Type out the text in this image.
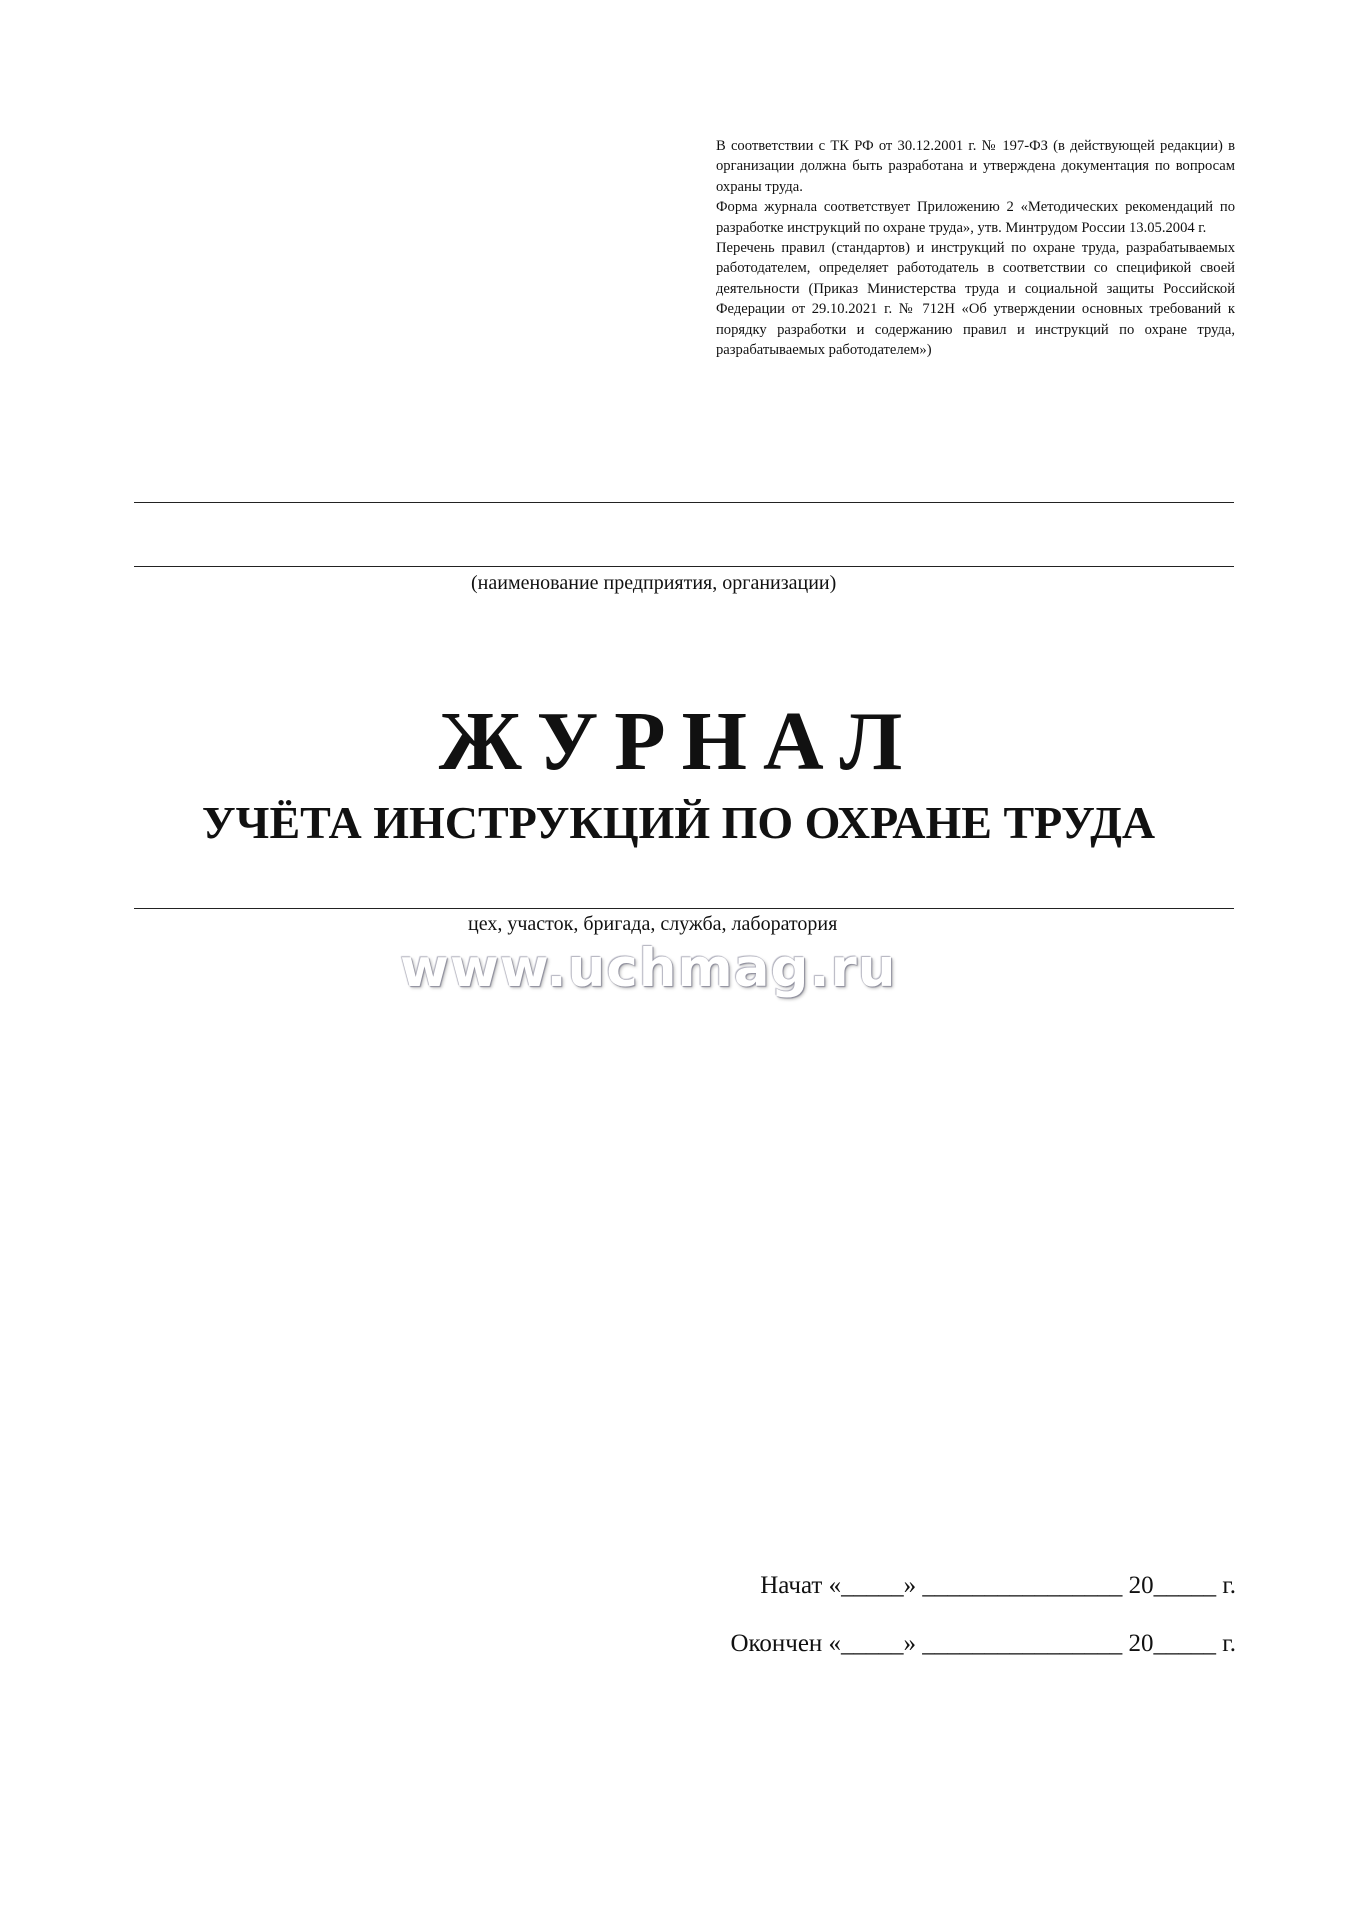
В соответствии с ТК РФ от 30.12.2001 г. № 197-ФЗ (в действующей редакции) в организации должна быть разработана и утверждена документация по вопросам охраны труда.

Форма журнала соответствует Приложению 2 «Методических рекомендаций по разработке инструкций по охране труда», утв. Минтрудом России 13.05.2004 г.

Перечень правил (стандартов) и инструкций по охране труда, разрабатываемых работодателем, определяет работодатель в соответствии со спецификой своей деятельности (Приказ Министерства труда и социальной защиты Российской Федерации от 29.10.2021 г. № 712Н «Об утверждении основных требований к порядку разработки и содержанию правил и инструкций по охране труда, разрабатываемых работодателем»)

(наименование предприятия, организации)
ЖУРНАЛ
УЧЁТА ИНСТРУКЦИЙ ПО ОХРАНЕ ТРУДА
цех, участок, бригада, служба, лаборатория
www.uchmag.ru
Начат «_____» ________________ 20_____ г.
Окончен «_____» ________________ 20_____ г.
